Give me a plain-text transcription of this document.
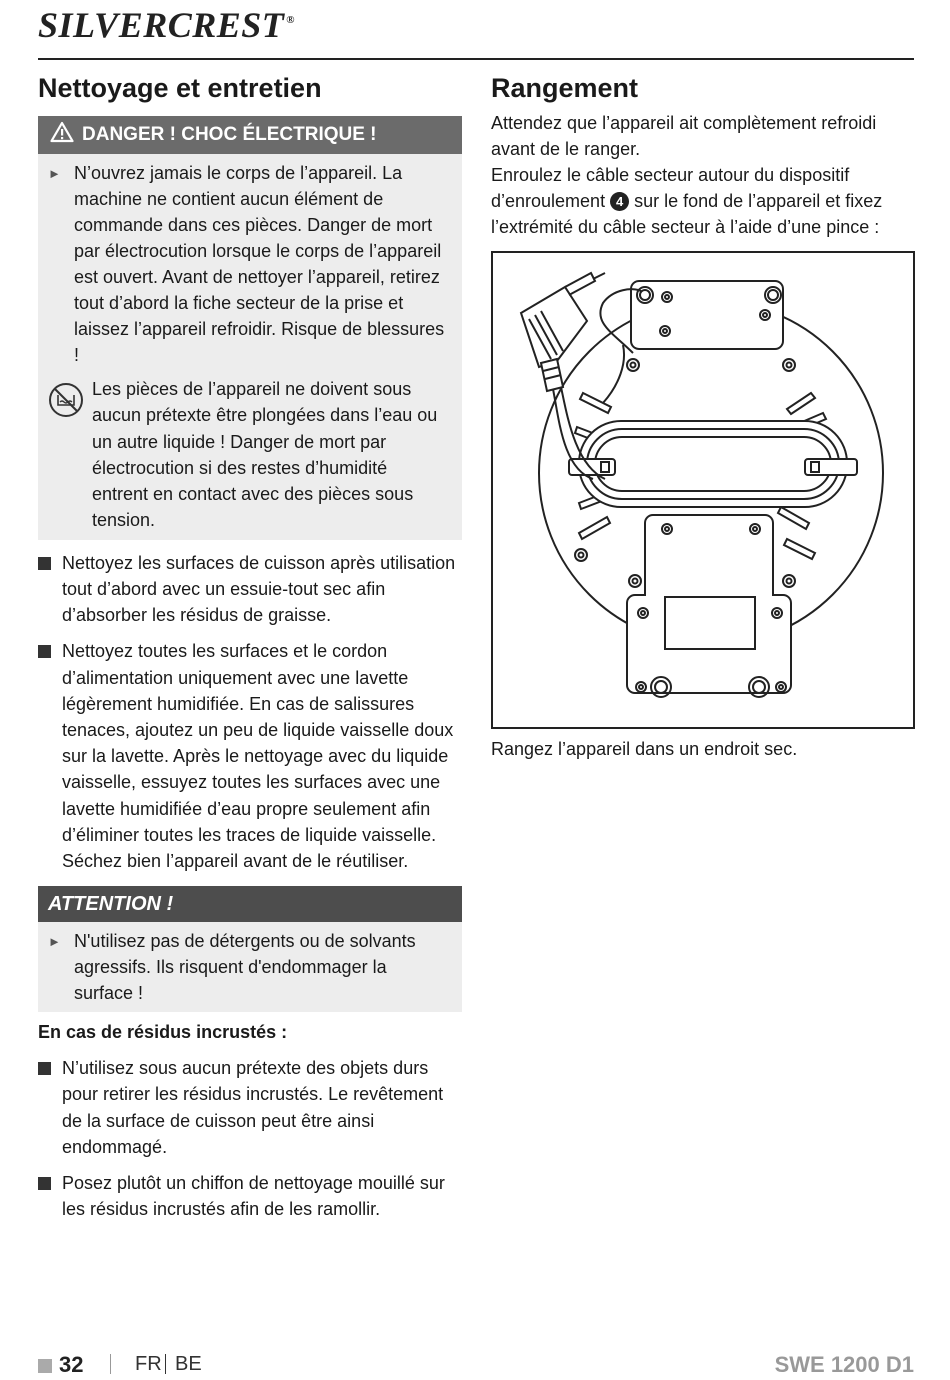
SILVERCREST ®
Nettoyage et entretien
DANGER ! CHOC ÉLECTRIQUE !
► N’ouvrez jamais le corps de l’appareil. La machine ne contient aucun élément de commande dans ces pièces. Danger de mort par électrocution lorsque le corps de l’appareil est ouvert. Avant de nettoyer l’appareil, retirez tout d’abord la fiche secteur de la prise et laissez l’appareil refroidir. Risque de blessures !
Les pièces de l’appareil ne doivent sous aucun prétexte être plongées dans l’eau ou un autre liquide ! Danger de mort par électrocution si des restes d’humidité entrent en contact avec des pièces sous tension.
Nettoyez les surfaces de cuisson après utilisation tout d’abord avec un essuie-tout sec afin d’absorber les résidus de graisse.
Nettoyez toutes les surfaces et le cordon d’alimentation uniquement avec une lavette légèrement humidifiée. En cas de salissures tenaces, ajoutez un peu de liquide vaisselle doux sur la lavette. Après le nettoyage avec du liquide vaisselle, essuyez toutes les surfaces avec une lavette humidifiée d’eau propre seulement afin d’éliminer toutes les traces de liquide vaisselle. Séchez bien l’appareil avant de le réutiliser.
ATTENTION !
► N'utilisez pas de détergents ou de solvants agressifs. Ils risquent d'endommager la surface !
En cas de résidus incrustés :
N’utilisez sous aucun prétexte des objets durs pour retirer les résidus incrustés. Le revêtement de la surface de cuisson peut être ainsi endommagé.
Posez plutôt un chiffon de nettoyage mouillé sur les résidus incrustés afin de les ramollir.
Rangement
Attendez que l’appareil ait complètement refroidi avant de le ranger.
Enroulez le câble secteur autour du dispositif d’enroulement 4 sur le fond de l’appareil et fixez l’extrémité du câble secteur à l’aide d’une pince :
Rangez l’appareil dans un endroit sec.
32	FR BE	SWE 1200 D1
